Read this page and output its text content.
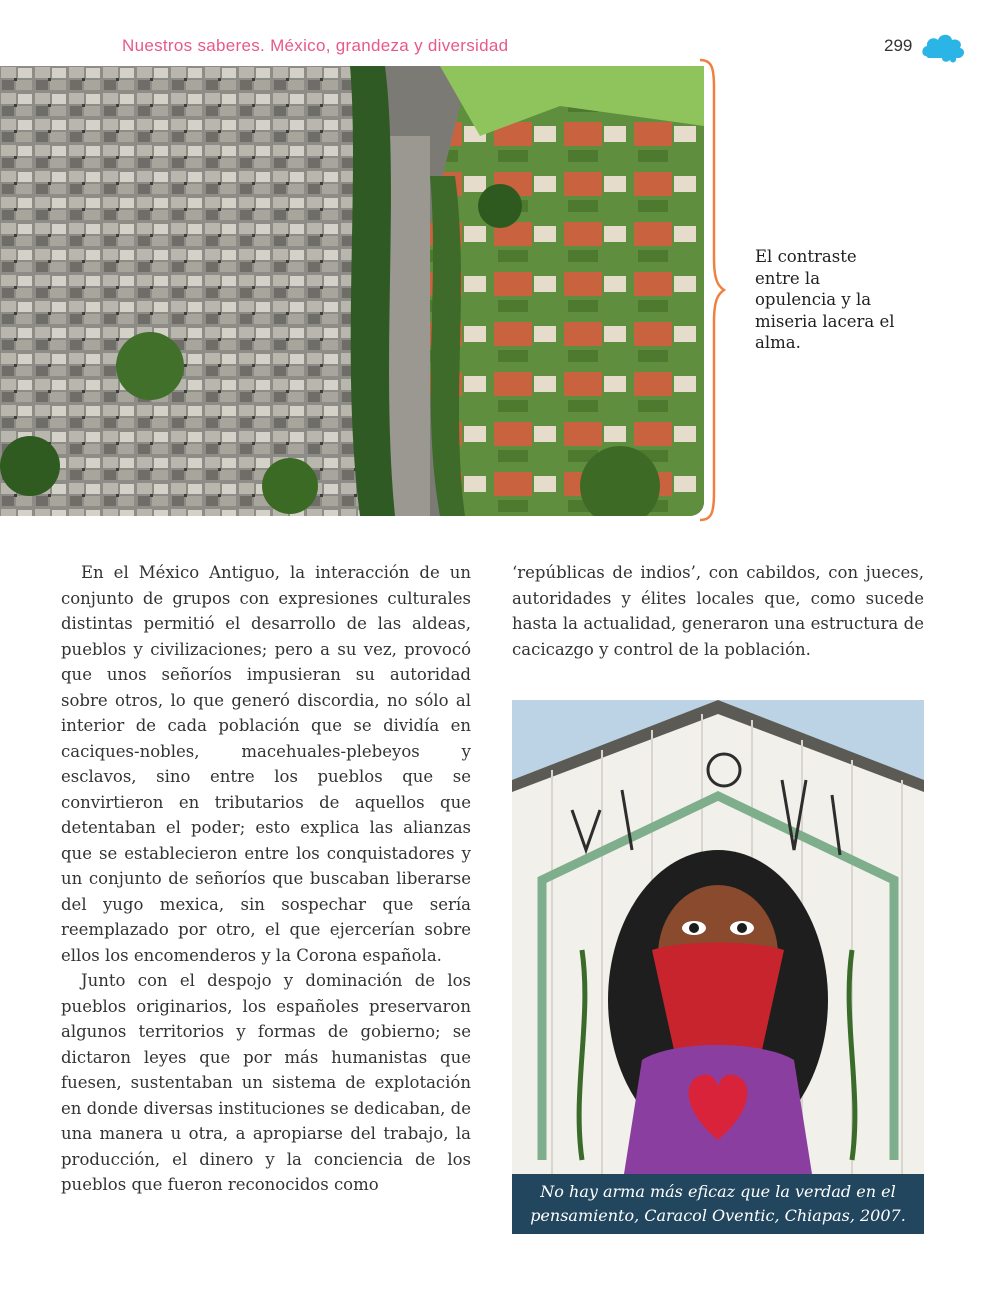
Nuestros saberes. México, grandeza y diversidad	299
El contraste entre la opulencia y la miseria lacera el alma.

En el México Antiguo, la interacción de un conjunto de grupos con expresiones culturales distintas permitió el desarrollo de las aldeas, pueblos y civilizaciones; pero a su vez, provocó que unos señoríos impusieran su autoridad sobre otros, lo que generó discordia, no sólo al interior de cada población que se dividía en caciques-nobles, macehuales-plebeyos y esclavos, sino entre los pueblos que se convirtieron en tributarios de aquellos que detentaban el poder; esto explica las alianzas que se establecieron entre los conquistadores y un conjunto de señoríos que buscaban liberarse del yugo mexica, sin sospechar que sería reemplazado por otro, el que ejercerían sobre ellos los encomenderos y la Corona española.

Junto con el despojo y dominación de los pueblos originarios, los españoles preservaron algunos territorios y formas de gobierno; se dictaron leyes que por más humanistas que fuesen, sustentaban un sistema de explotación en donde diversas instituciones se dedicaban, de una manera u otra, a apropiarse del trabajo, la producción, el dinero y la conciencia de los pueblos que fueron reconocidos como

‘repúblicas de indios’, con cabildos, con jueces, autoridades y élites locales que, como sucede hasta la actualidad, generaron una estructura de cacicazgo y control de la población.

No hay arma más eficaz que la verdad en el pensamiento, Caracol Oventic, Chiapas, 2007.
